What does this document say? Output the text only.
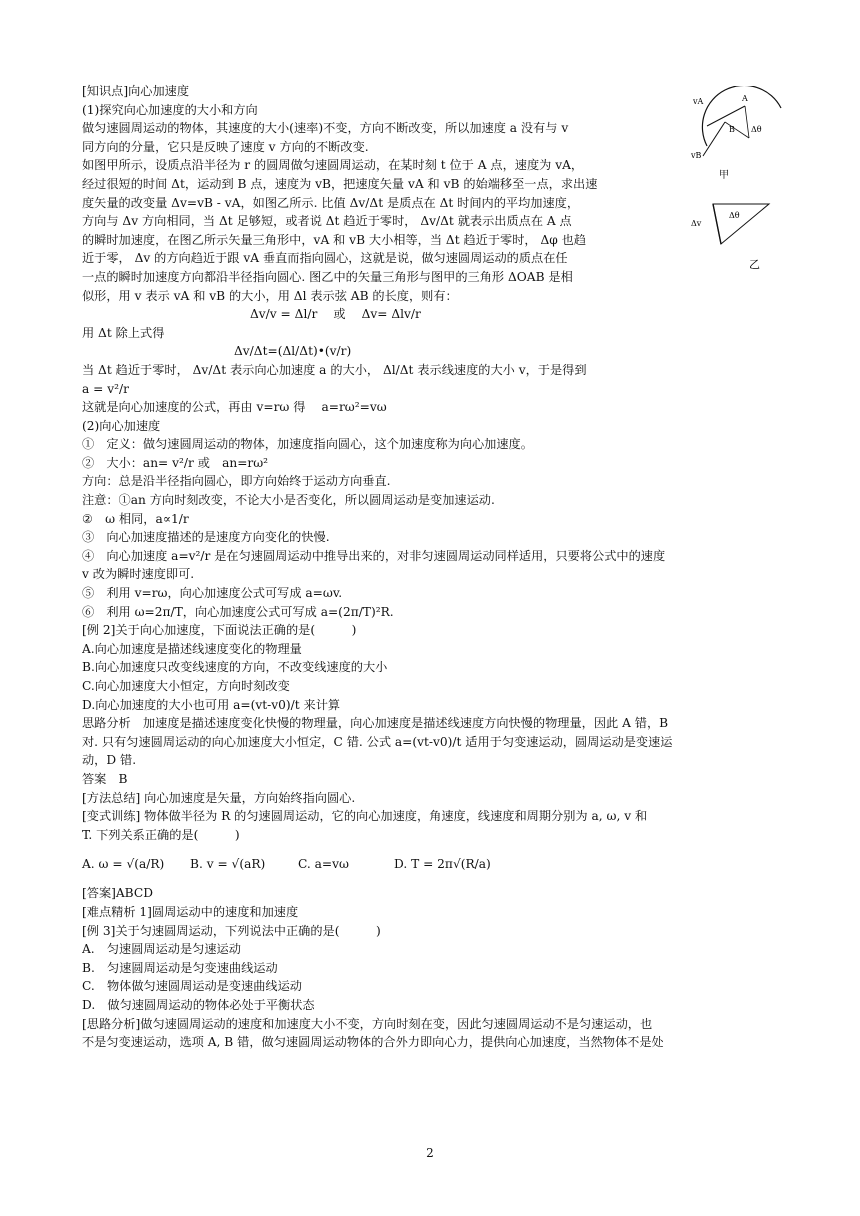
[知识点]向心加速度
(1)探究向心加速度的大小和方向
做匀速圆周运动的物体，其速度的大小(速率)不变，方向不断改变，所以加速度 a 没有与 v
同方向的分量，它只是反映了速度 v 方向的不断改变.
如图甲所示，设质点沿半径为 r 的圆周做匀速圆周运动，在某时刻 t 位于 A 点，速度为 vA，
经过很短的时间 Δt，运动到 B 点，速度为 vB，把速度矢量 vA 和 vB 的始端移至一点，求出速
度矢量的改变量 Δv=vB - vA，如图乙所示. 比值 Δv/Δt 是质点在 Δt 时间内的平均加速度，
方向与 Δv 方向相同，当 Δt 足够短，或者说 Δt 趋近于零时， Δv/Δt 就表示出质点在 A 点
的瞬时加速度，在图乙所示矢量三角形中，vA 和 vB 大小相等，当 Δt 趋近于零时， Δφ 也趋
近于零， Δv 的方向趋近于跟 vA 垂直而指向圆心，这就是说，做匀速圆周运动的质点在任
一点的瞬时加速度方向都沿半径指向圆心. 图乙中的矢量三角形与图甲的三角形 ΔOAB 是相
似形，用 v 表示 vA 和 vB 的大小，用 Δl 表示弦 AB 的长度，则有：
Δv/v = Δl/r　 或　 Δv= Δlv/r
用 Δt 除上式得
Δv/Δt=(Δl/Δt)•(v/r)
当 Δt 趋近于零时， Δv/Δt 表示向心加速度 a 的大小， Δl/Δt 表示线速度的大小 v，于是得到
a = v²/r
这就是向心加速度的公式，再由 v=rω 得　 a=rω²=vω
(2)向心加速度
①　定义：做匀速圆周运动的物体，加速度指向圆心，这个加速度称为向心加速度。
②　大小：an= v²/r 或　an=rω²
方向：总是沿半径指向圆心，即方向始终于运动方向垂直.
注意：①an 方向时刻改变，不论大小是否变化，所以圆周运动是变加速运动.
②　ω 相同，a∝1/r
③　向心加速度描述的是速度方向变化的快慢.
④　向心加速度 a=v²/r 是在匀速圆周运动中推导出来的，对非匀速圆周运动同样适用，只要将公式中的速度
v 改为瞬时速度即可.
⑤　利用 v=rω，向心加速度公式可写成 a=ωv.
⑥　利用 ω=2π/T，向心加速度公式可写成 a=(2π/T)²R.
[例 2]关于向心加速度，下面说法正确的是(　　　)
A.向心加速度是描述线速度变化的物理量
B.向心加速度只改变线速度的方向，不改变线速度的大小
C.向心加速度大小恒定，方向时刻改变
D.向心加速度的大小也可用 a=(vt-v0)/t 来计算
思路分析　加速度是描述速度变化快慢的物理量，向心加速度是描述线速度方向快慢的物理量，因此 A 错，B
对. 只有匀速圆周运动的向心加速度大小恒定，C 错. 公式 a=(vt-v0)/t 适用于匀变速运动，圆周运动是变速运
动，D 错.
答案　B
[方法总结] 向心加速度是矢量，方向始终指向圆心.
[变式训练] 物体做半径为 R 的匀速圆周运动，它的向心加速度，角速度，线速度和周期分别为 a, ω, v 和
T. 下列关系正确的是(　　　)
A. ω = √(a/R)	B. v = √(aR)	C. a=vω	D. T = 2π√(R/a)
[答案]ABCD
[难点精析 1]圆周运动中的速度和加速度
[例 3]关于匀速圆周运动，下列说法中正确的是(　　　)
A.　匀速圆周运动是匀速运动
B.　匀速圆周运动是匀变速曲线运动
C.　物体做匀速圆周运动是变速曲线运动
D.　做匀速圆周运动的物体必处于平衡状态
[思路分析]做匀速圆周运动的速度和加速度大小不变，方向时刻在变，因此匀速圆周运动不是匀速运动，也
不是匀变速运动，选项 A, B 错，做匀速圆周运动物体的合外力即向心力，提供向心加速度，当然物体不是处
vA	A
B Δθ
vB
甲
Δv
Δθ
乙
2
